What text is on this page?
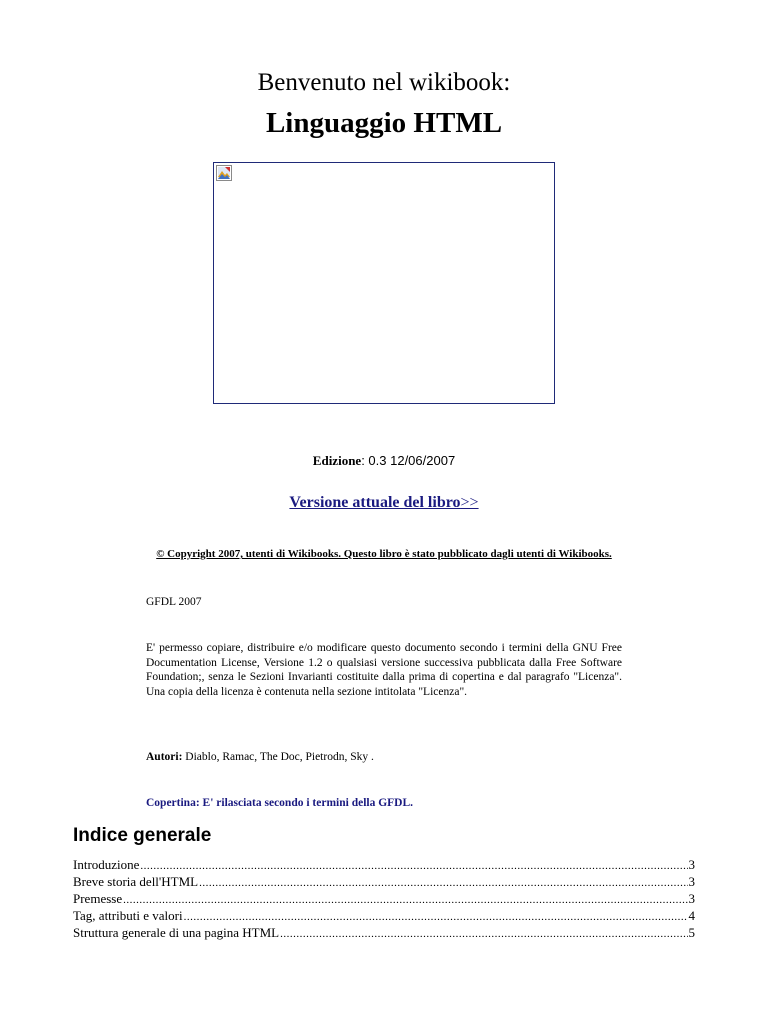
Benvenuto nel wikibook:
Linguaggio HTML
Edizione: 0.3 12/06/2007
Versione attuale del libro>>
© Copyright 2007, utenti di Wikibooks. Questo libro è stato pubblicato dagli utenti di Wikibooks.
GFDL 2007
E' permesso copiare, distribuire e/o modificare questo documento secondo i termini della GNU Free Documentation License, Versione 1.2 o qualsiasi versione successiva pubblicata dalla Free Software Foundation;, senza le Sezioni Invarianti costituite dalla prima di copertina e dal paragrafo "Licenza". Una copia della licenza è contenuta nella sezione intitolata "Licenza".
Autori: Diablo, Ramac, The Doc, Pietrodn, Sky .
Copertina: E' rilasciata secondo i termini della GFDL.
Indice generale
Introduzione .....	3
Breve storia dell'HTML .....	3
Premesse .....	3
Tag, attributi e valori .....	4
Struttura generale di una pagina HTML .....	5
